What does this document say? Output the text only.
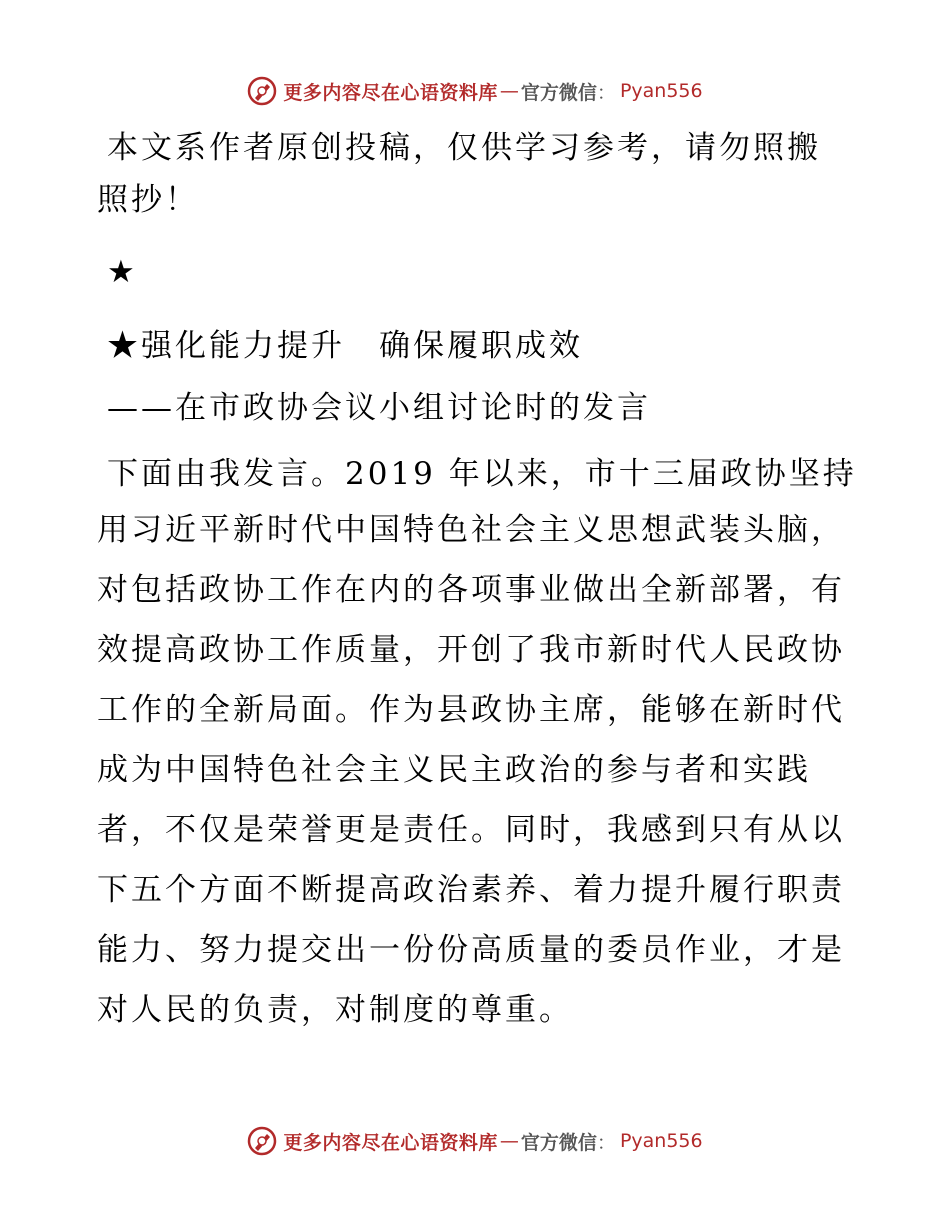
更多内容尽在心语资料库 — 官方微信 ： Pyan556
本文系作者原创投稿，仅供学习参考，请勿照搬
照抄！
★
★强化能力提升　确保履职成效
——在市政协会议小组讨论时的发言
下面由我发言。2019 年以来，市十三届政协坚持
用习近平新时代中国特色社会主义思想武装头脑，
对包括政协工作在内的各项事业做出全新部署，有
效提高政协工作质量，开创了我市新时代人民政协
工作的全新局面。作为县政协主席，能够在新时代
成为中国特色社会主义民主政治的参与者和实践
者，不仅是荣誉更是责任。同时，我感到只有从以
下五个方面不断提高政治素养、着力提升履行职责
能力、努力提交出一份份高质量的委员作业，才是
对人民的负责，对制度的尊重。
更多内容尽在心语资料库 — 官方微信 ： Pyan556
